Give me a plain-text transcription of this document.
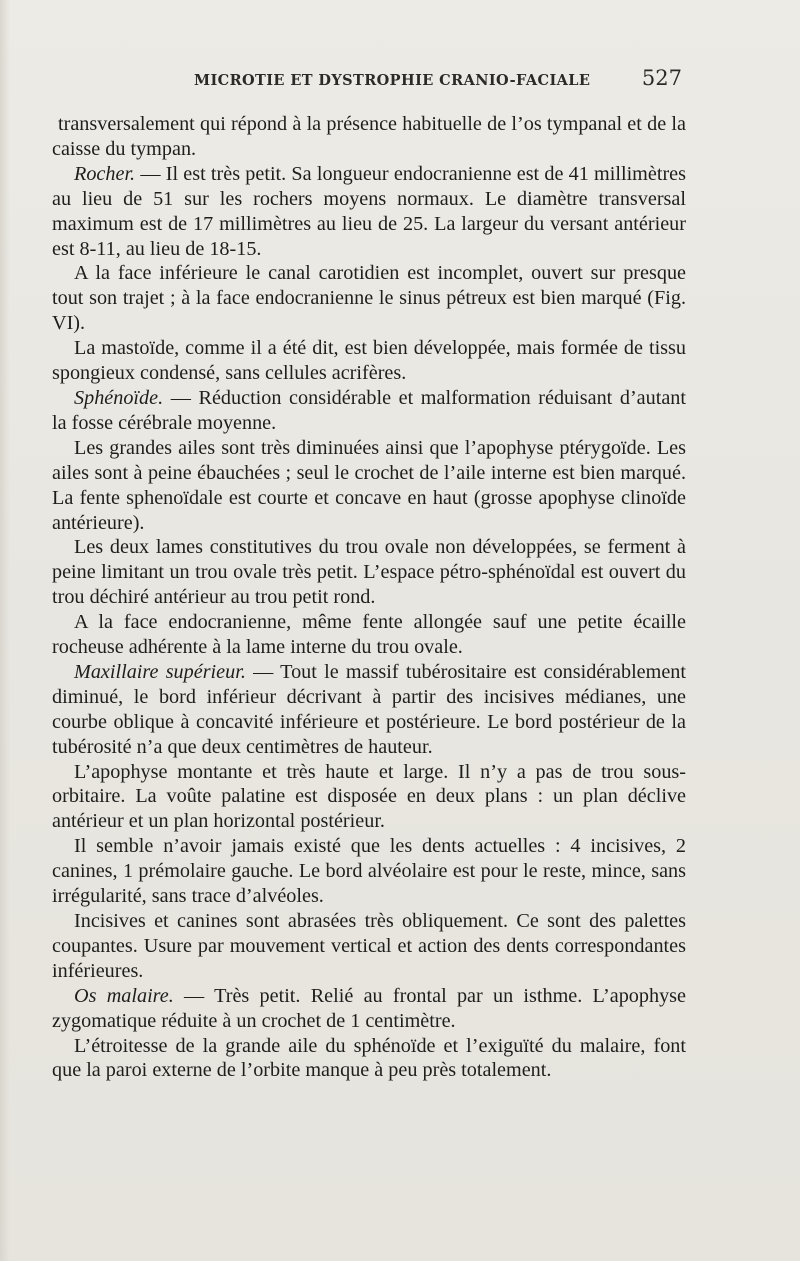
MICROTIE ET DYSTROPHIE CRANIO-FACIALE 527

transversalement qui répond à la présence habituelle de l’os tympanal et de la caisse du tympan.

Rocher. — Il est très petit. Sa longueur endocranienne est de 41 millimètres au lieu de 51 sur les rochers moyens normaux. Le diamètre transversal maximum est de 17 millimètres au lieu de 25. La largeur du versant antérieur est 8-11, au lieu de 18-15.

A la face inférieure le canal carotidien est incomplet, ouvert sur presque tout son trajet ; à la face endocranienne le sinus pétreux est bien marqué (Fig. VI).

La mastoïde, comme il a été dit, est bien développée, mais formée de tissu spongieux condensé, sans cellules acrifères.

Sphénoïde. — Réduction considérable et malformation réduisant d’autant la fosse cérébrale moyenne.

Les grandes ailes sont très diminuées ainsi que l’apophyse ptérygoïde. Les ailes sont à peine ébauchées ; seul le crochet de l’aile interne est bien marqué. La fente sphenoïdale est courte et concave en haut (grosse apophyse clinoïde antérieure).

Les deux lames constitutives du trou ovale non développées, se ferment à peine limitant un trou ovale très petit. L’espace pétro-sphénoïdal est ouvert du trou déchiré antérieur au trou petit rond.

A la face endocranienne, même fente allongée sauf une petite écaille rocheuse adhérente à la lame interne du trou ovale.

Maxillaire supérieur. — Tout le massif tubérositaire est considérablement diminué, le bord inférieur décrivant à partir des incisives médianes, une courbe oblique à concavité inférieure et postérieure. Le bord postérieur de la tubérosité n’a que deux centimètres de hauteur.

L’apophyse montante et très haute et large. Il n’y a pas de trou sous-orbitaire. La voûte palatine est disposée en deux plans : un plan déclive antérieur et un plan horizontal postérieur.

Il semble n’avoir jamais existé que les dents actuelles : 4 incisives, 2 canines, 1 prémolaire gauche. Le bord alvéolaire est pour le reste, mince, sans irrégularité, sans trace d’alvéoles.

Incisives et canines sont abrasées très obliquement. Ce sont des palettes coupantes. Usure par mouvement vertical et action des dents correspondantes inférieures.

Os malaire. — Très petit. Relié au frontal par un isthme. L’apophyse zygomatique réduite à un crochet de 1 centimètre.

L’étroitesse de la grande aile du sphénoïde et l’exiguïté du malaire, font que la paroi externe de l’orbite manque à peu près totalement.
